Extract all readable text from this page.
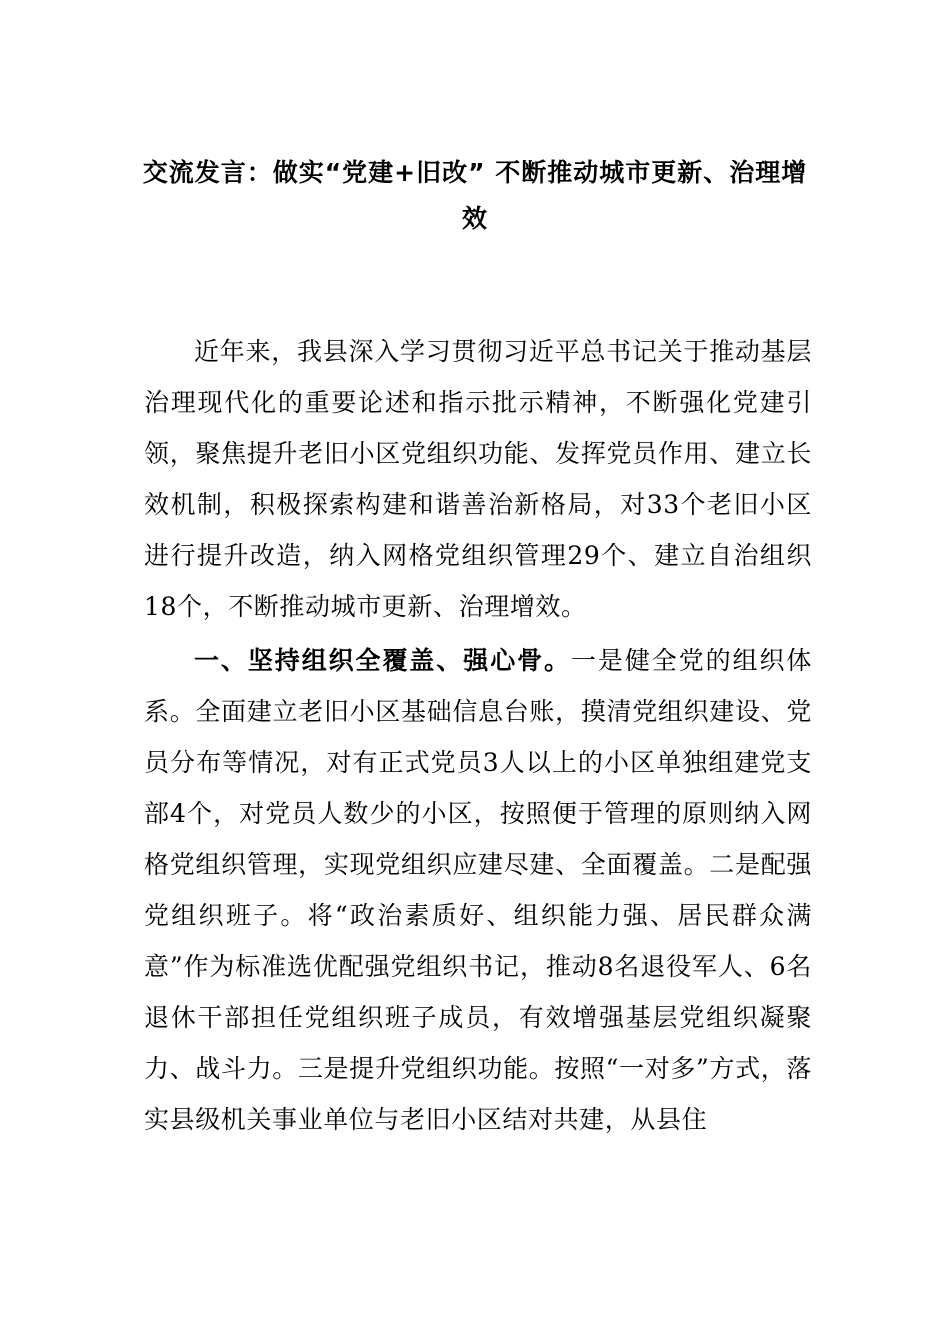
交流发言：做实“党建+旧改” 不断推动城市更新、治理增效

近年来，我县深入学习贯彻习近平总书记关于推动基层治理现代化的重要论述和指示批示精神，不断强化党建引领，聚焦提升老旧小区党组织功能、发挥党员作用、建立长效机制，积极探索构建和谐善治新格局，对33个老旧小区进行提升改造，纳入网格党组织管理29个、建立自治组织18个，不断推动城市更新、治理增效。

一、坚持组织全覆盖、强心骨。一是健全党的组织体系。全面建立老旧小区基础信息台账，摸清党组织建设、党员分布等情况，对有正式党员3人以上的小区单独组建党支部4个，对党员人数少的小区，按照便于管理的原则纳入网格党组织管理，实现党组织应建尽建、全面覆盖。二是配强党组织班子。将“政治素质好、组织能力强、居民群众满意”作为标准选优配强党组织书记，推动8名退役军人、6名退休干部担任党组织班子成员，有效增强基层党组织凝聚力、战斗力。三是提升党组织功能。按照“一对多”方式，落实县级机关事业单位与老旧小区结对共建，从县住
